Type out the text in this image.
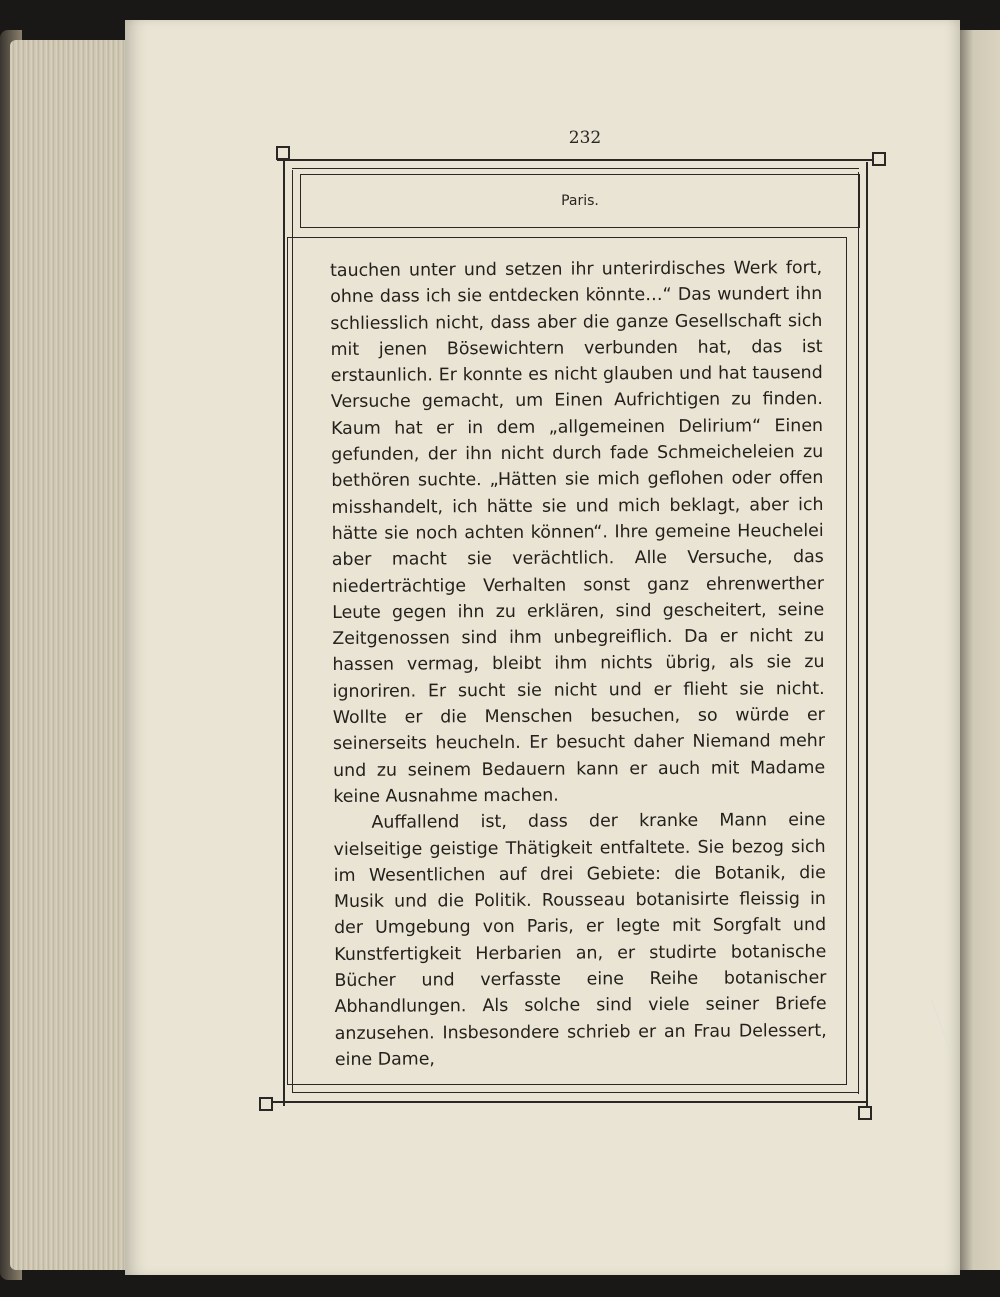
232
Paris.

tauchen unter und setzen ihr unterirdisches Werk fort, ohne dass ich sie entdecken könnte…“ Das wundert ihn schliesslich nicht, dass aber die ganze Gesellschaft sich mit jenen Bösewichtern verbunden hat, das ist erstaunlich. Er konnte es nicht glauben und hat tausend Versuche gemacht, um Einen Aufrichtigen zu finden. Kaum hat er in dem „allgemeinen Delirium“ Einen gefunden, der ihn nicht durch fade Schmeicheleien zu bethören suchte. „Hätten sie mich geflohen oder offen misshandelt, ich hätte sie und mich beklagt, aber ich hätte sie noch achten können“. Ihre gemeine Heuchelei aber macht sie verächtlich. Alle Versuche, das niederträchtige Verhalten sonst ganz ehrenwerther Leute gegen ihn zu erklären, sind gescheitert, seine Zeitgenossen sind ihm unbegreiflich. Da er nicht zu hassen vermag, bleibt ihm nichts übrig, als sie zu ignoriren. Er sucht sie nicht und er flieht sie nicht. Wollte er die Menschen besuchen, so würde er seinerseits heucheln. Er besucht daher Niemand mehr und zu seinem Bedauern kann er auch mit Madame keine Ausnahme machen.

Auffallend ist, dass der kranke Mann eine vielseitige geistige Thätigkeit entfaltete. Sie bezog sich im Wesentlichen auf drei Gebiete: die Botanik, die Musik und die Politik. Rousseau botanisirte fleissig in der Umgebung von Paris, er legte mit Sorgfalt und Kunstfertigkeit Herbarien an, er studirte botanische Bücher und verfasste eine Reihe botanischer Abhandlungen. Als solche sind viele seiner Briefe anzusehen. Insbesondere schrieb er an Frau Delessert, eine Dame,
